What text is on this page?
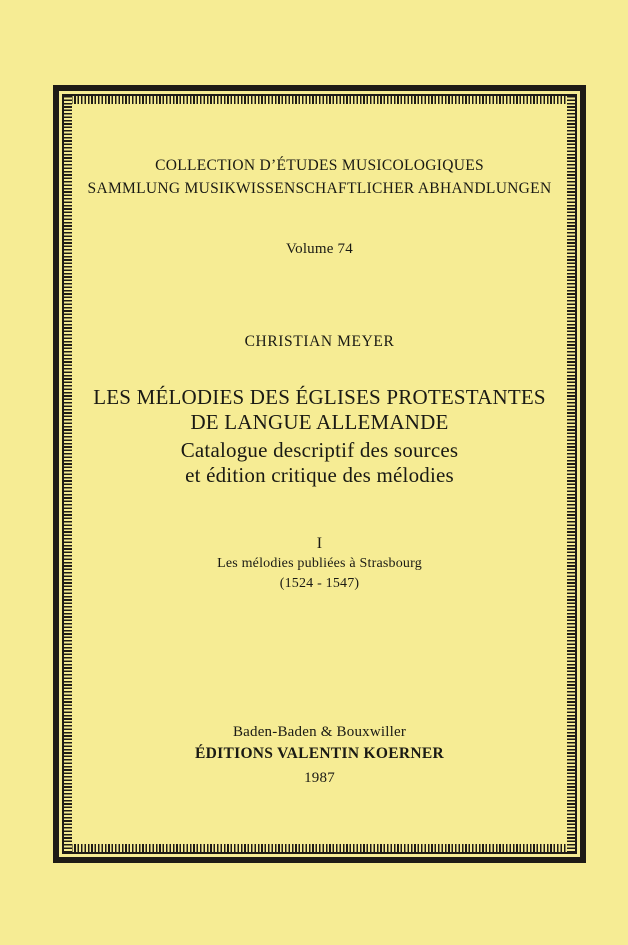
COLLECTION D’ÉTUDES MUSICOLOGIQUES
SAMMLUNG MUSIKWISSENSCHAFTLICHER ABHANDLUNGEN
Volume 74
CHRISTIAN MEYER
LES MÉLODIES DES ÉGLISES PROTESTANTES
DE LANGUE ALLEMANDE
Catalogue descriptif des sources
et édition critique des mélodies
I
Les mélodies publiées à Strasbourg
(1524 - 1547)
Baden-Baden & Bouxwiller
ÉDITIONS VALENTIN KOERNER
1987
